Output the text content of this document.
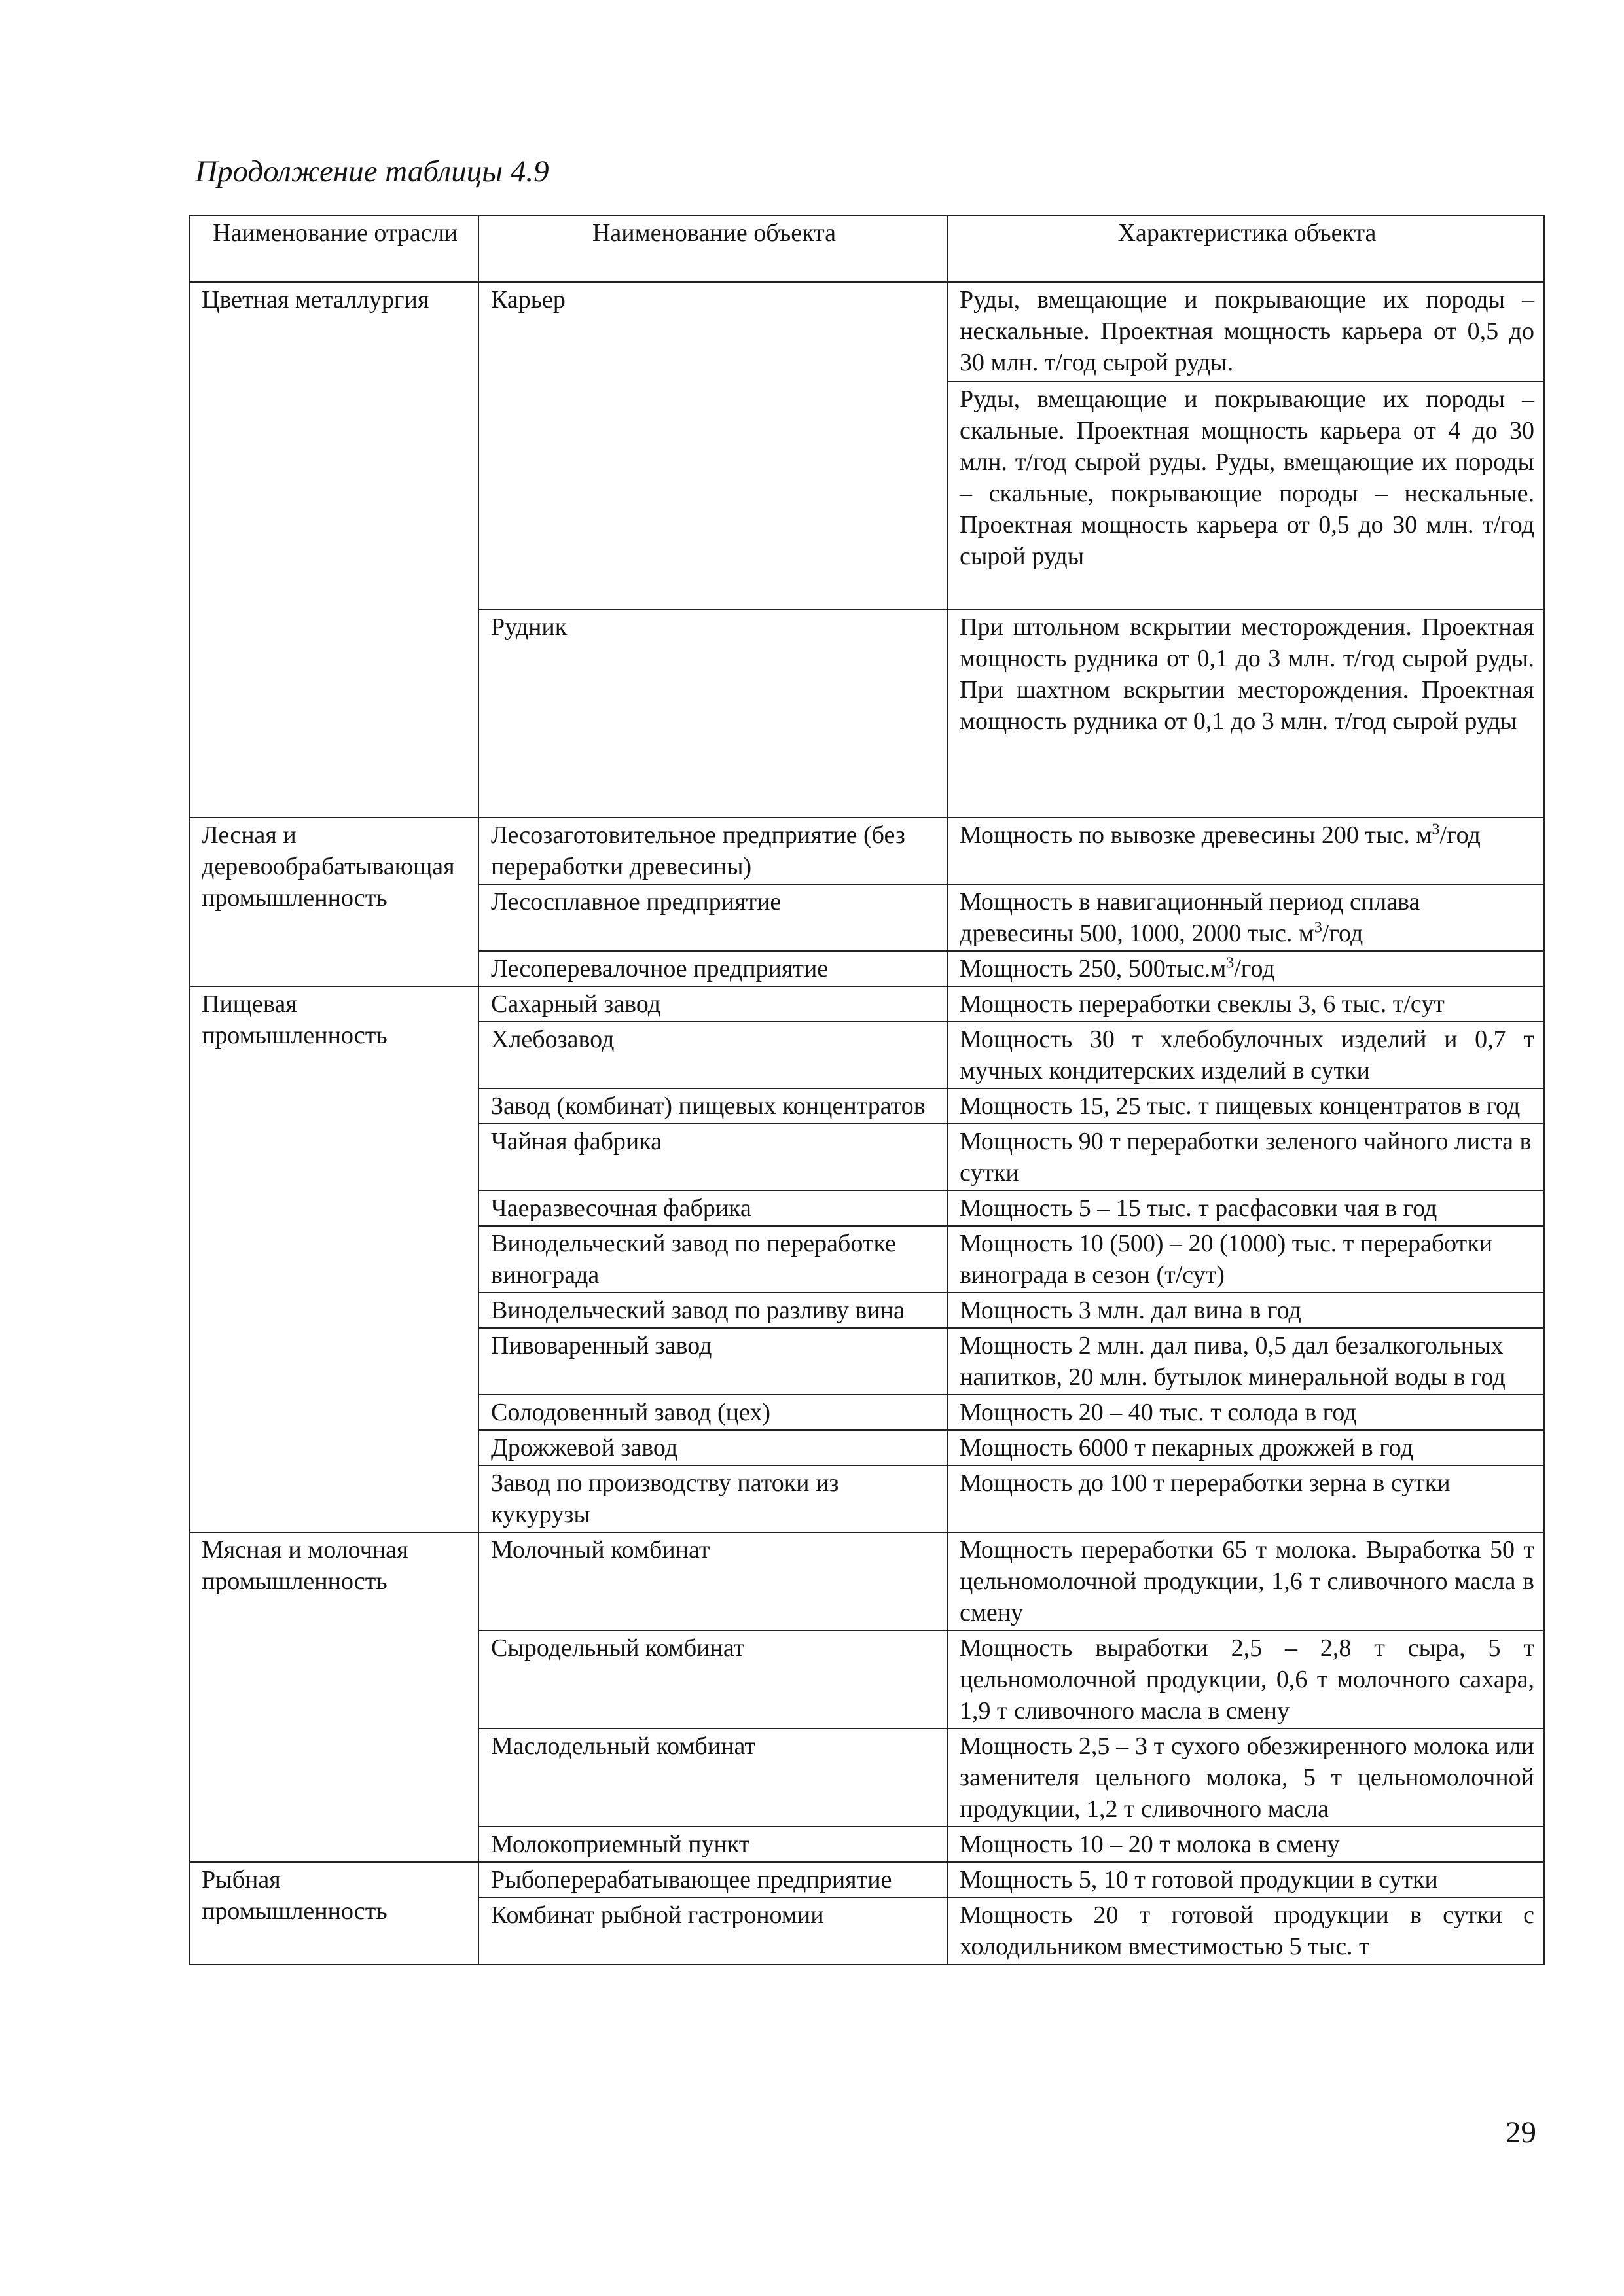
Продолжение таблицы 4.9
Наименование отрасли	Наименование объекта	Характеристика объекта
Цветная металлургия	Карьер	Руды, вмещающие и покрывающие их породы – нескальные. Проектная мощность карьера от 0,5 до 30 млн. т/год сырой руды.
		Руды, вмещающие и покрывающие их породы – скальные. Проектная мощность карьера от 4 до 30 млн. т/год сырой руды. Руды, вмещающие их породы – скальные, покрывающие породы – нескальные. Проектная мощность карьера от 0,5 до 30 млн. т/год сырой руды
	Рудник	При штольном вскрытии месторождения. Проектная мощность рудника от 0,1 до 3 млн. т/год сырой руды. При шахтном вскрытии месторождения. Проектная мощность рудника от 0,1 до 3 млн. т/год сырой руды
Лесная и деревообрабатывающая промышленность	Лесозаготовительное предприятие (без переработки древесины)	Мощность по вывозке древесины 200 тыс. $м^3$/год
	Лесосплавное предприятие	Мощность в навигационный период сплава древесины 500, 1000, 2000 тыс. $м^3$/год
	Лесоперевалочное предприятие	Мощность 250, $500тыс.м^3$/год
Пищевая промышленность	Сахарный завод	Мощность переработки свеклы 3, 6 тыс. т/сут
	Хлебозавод	Мощность 30 т хлебобулочных изделий и 0,7 т мучных кондитерских изделий в сутки
	Завод (комбинат) пищевых концентратов	Мощность 15, 25 тыс. т пищевых концентратов в год
	Чайная фабрика	Мощность 90 т переработки зеленого чайного листа в сутки
	Чаеразвесочная фабрика	Мощность 5 – 15 тыс. т расфасовки чая в год
	Винодельческий завод по переработке винограда	Мощность 10 (500) – 20 (1000) тыс. т переработки винограда в сезон (т/сут)
	Винодельческий завод по разливу вина	Мощность 3 млн. дал вина в год
	Пивоваренный завод	Мощность 2 млн. дал пива, 0,5 дал безалкогольных напитков, 20 млн. бутылок минеральной воды в год
	Солодовенный завод (цех)	Мощность 20 – 40 тыс. т солода в год
	Дрожжевой завод	Мощность 6000 т пекарных дрожжей в год
	Завод по производству патоки из кукурузы	Мощность до 100 т переработки зерна в сутки
Мясная и молочная промышленность	Молочный комбинат	Мощность переработки 65 т молока. Выработка 50 т цельномолочной продукции, 1,6 т сливочного масла в смену
	Сыродельный комбинат	Мощность выработки 2,5 – 2,8 т сыра, 5 т цельномолочной продукции, 0,6 т молочного сахара, 1,9 т сливочного масла в смену
	Маслодельный комбинат	Мощность 2,5 – 3 т сухого обезжиренного молока или заменителя цельного молока, 5 т цельномолочной продукции, 1,2 т сливочного масла
	Молокоприемный пункт	Мощность 10 – 20 т молока в смену
Рыбная промышленность	Рыбоперерабатывающее предприятие	Мощность 5, 10 т готовой продукции в сутки
	Комбинат рыбной гастрономии	Мощность 20 т готовой продукции в сутки с холодильником вместимостью 5 тыс. т
29
